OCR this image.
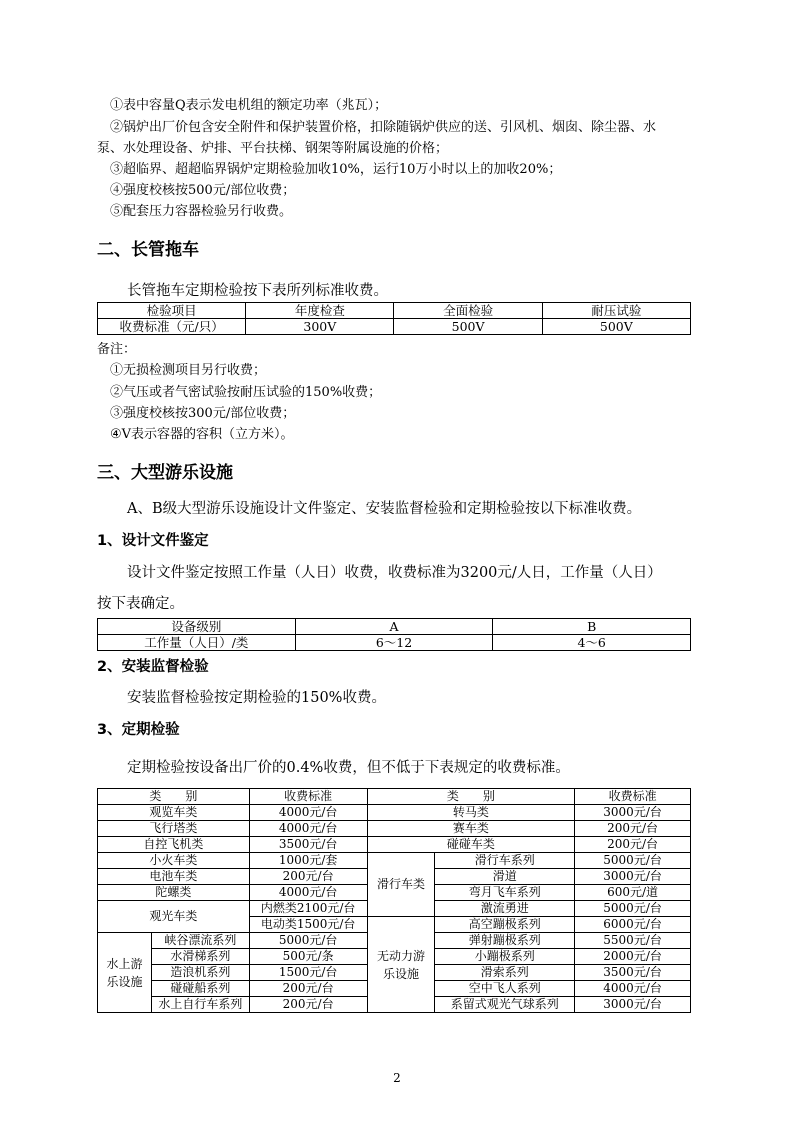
①表中容量Q表示发电机组的额定功率（兆瓦）；
②锅炉出厂价包含安全附件和保护装置价格，扣除随锅炉供应的送、引风机、烟囱、除尘器、水
泵、水处理设备、炉排、平台扶梯、钢架等附属设施的价格；
③超临界、超超临界锅炉定期检验加收10%，运行10万小时以上的加收20%；
④强度校核按500元/部位收费；
⑤配套压力容器检验另行收费。
二、长管拖车
长管拖车定期检验按下表所列标准收费。
检验项目	年度检查	全面检验	耐压试验
收费标准（元/只）	300V	500V	500V
备注：
①无损检测项目另行收费；
②气压或者气密试验按耐压试验的150%收费；
③强度校核按300元/部位收费；
④V表示容器的容积（立方米）。
三、大型游乐设施
A、B级大型游乐设施设计文件鉴定、安装监督检验和定期检验按以下标准收费。
1、设计文件鉴定
设计文件鉴定按照工作量（人日）收费，收费标准为3200元/人日，工作量（人日）
按下表确定。
设备级别	A	B
工作量（人日）/类	6～12	4～6
2、安装监督检验
安装监督检验按定期检验的150%收费。
3、定期检验
定期检验按设备出厂价的0.4%收费，但不低于下表规定的收费标准。
类　　别		收费标准	类　　别		收费标准
观览车类		4000元/台	转马类		3000元/台
飞行塔类		4000元/台	赛车类		200元/台
自控飞机类		3500元/台	碰碰车类		200元/台
小火车类		1000元/套	滑行车类	滑行车系列	5000元/台
电池车类		200元/台		滑道	3000元/台
陀螺类		4000元/台		弯月飞车系列	600元/道
观光车类		内燃类2100元/台		激流勇进	5000元/台
		电动类1500元/台	无动力游乐设施	高空蹦极系列	6000元/台

水上游乐设施	峡谷漂流系列	5000元/台		弹射蹦极系列	5500元/台
	水滑梯系列	500元/条		小蹦极系列	2000元/台
	造浪机系列	1500元/台		滑索系列	3500元/台
	碰碰船系列	200元/台		空中飞人系列	4000元/台
	水上自行车系列	200元/台		系留式观光气球系列	3000元/台
2
